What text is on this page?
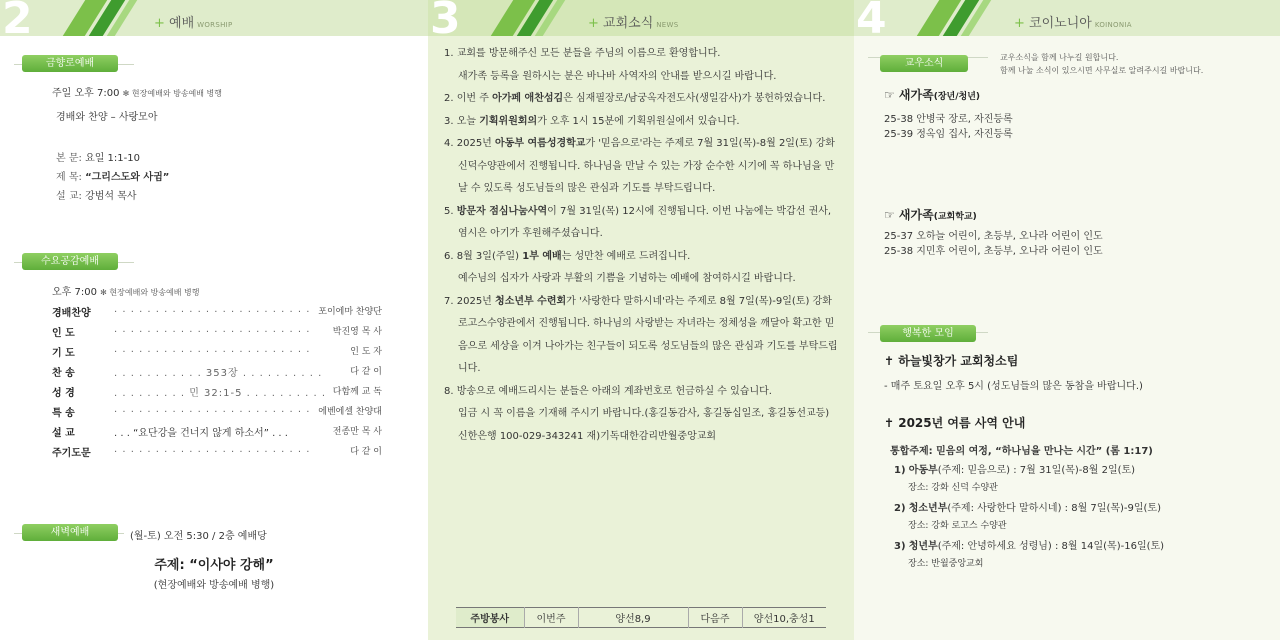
2	+ 예배 WORSHIP
금향로예배
주일 오후 7:00 ✻ 현장예배와 방송예배 병행
경배와 찬양 – 사랑모아
본 문: 요일 1:1-10
제 목: “그리스도와 사귐”
설 교: 강범석 목사
수요공감예배
오후 7:00 ✻ 현장예배와 방송예배 병행
경배찬양 . . . . . . . . . . . . . . . . . . . . . . . . 포이에마 찬양단
인 도	. . . . . . . . . . . . . . . . . . . . . . . . 박진영 목 사
기 도	. . . . . . . . . . . . . . . . . . . . . . . .	인 도 자
찬 송	. . . . . . . . . . . 353장 . . . . . . . . . .	다 같 이
성 경	. . . . . . . . . 민 32:1-5 . . . . . . . . . . 다함께 교 독
특 송	. . . . . . . . . . . . . . . . . . . . . . . . 에벤에셀 찬양대
설 교	. . . “요단강을 건너지 않게 하소서” . . .	전종만 목 사
주기도문 . . . . . . . . . . . . . . . . . . . . . . . .	다 같 이
새벽예배	(월-토) 오전 5:30 / 2층 예배당
주제: “이사야 강해”
(현장예배와 방송예배 병행)
3	+ 교회소식 NEWS
1. 교회를 방문해주신 모든 분들을 주님의 이름으로 환영합니다.
새가족 등록을 원하시는 분은 바나바 사역자의 안내를 받으시길 바랍니다.
2. 이번 주 아가페 애찬섬김은 심재필장로/남궁옥자전도사(생일감사)가 봉헌하였습니다.
3. 오늘 기획위원회의가 오후 1시 15분에 기획위원실에서 있습니다.
4. 2025년 아동부 여름성경학교가 '믿음으로'라는 주제로 7월 31일(목)-8월 2일(토) 강화 신덕수양관에서 진행됩니다. 하나님을 만날 수 있는 가장 순수한 시기에 꼭 하나님을 만날 수 있도록 성도님들의 많은 관심과 기도를 부탁드립니다.
5. 방문자 점심나눔사역이 7월 31일(목) 12시에 진행됩니다. 이번 나눔에는 박갑선 권사, 염시은 아기가 후원해주셨습니다.
6. 8월 3일(주일) 1부 예배는 성만찬 예배로 드려집니다.
예수님의 십자가 사랑과 부활의 기쁨을 기념하는 예배에 참여하시길 바랍니다.
7. 2025년 청소년부 수련회가 '사랑한다 말하시네'라는 주제로 8월 7일(목)-9일(토) 강화 로고스수양관에서 진행됩니다. 하나님의 사랑받는 자녀라는 정체성을 깨달아 확고한 믿음으로 세상을 이겨 나아가는 친구들이 되도록 성도님들의 많은 관심과 기도를 부탁드립니다.
8. 방송으로 예배드리시는 분들은 아래의 계좌번호로 헌금하실 수 있습니다.
입금 시 꼭 이름을 기재해 주시기 바랍니다.(홍길동감사, 홍길동십일조, 홍길동선교등)
신한은행 100-029-343241 재)기독대한감리반월중앙교회
주방봉사	이번주	양선8,9	다음주	양선10,충성1
4	+ 코이노니아 KOINONIA
교우소식
교우소식을 함께 나누길 원합니다.
함께 나눌 소식이 있으시면 사무실로 알려주시길 바랍니다.
☞ 새가족(장년/청년)
25-38 안병국 장로, 자진등록
25-39 정옥임 집사, 자진등록
☞ 새가족(교회학교)
25-37 오하늘 어린이, 초등부, 오나라 어린이 인도
25-38 지민후 어린이, 초등부, 오나라 어린이 인도
행복한 모임
✝ 하늘빛창가 교회청소팀
- 매주 토요일 오후 5시 (성도님들의 많은 동참을 바랍니다.)
✝ 2025년 여름 사역 안내
통합주제: 믿음의 여정, “하나님을 만나는 시간” (롬 1:17)
1) 아동부(주제: 믿음으로) : 7월 31일(목)-8월 2일(토)
장소: 강화 신덕 수양관
2) 청소년부(주제: 사랑한다 말하시네) : 8월 7일(목)-9일(토)
장소: 강화 로고스 수양관
3) 청년부(주제: 안녕하세요 성령님) : 8월 14일(목)-16일(토)
장소: 반월중앙교회
